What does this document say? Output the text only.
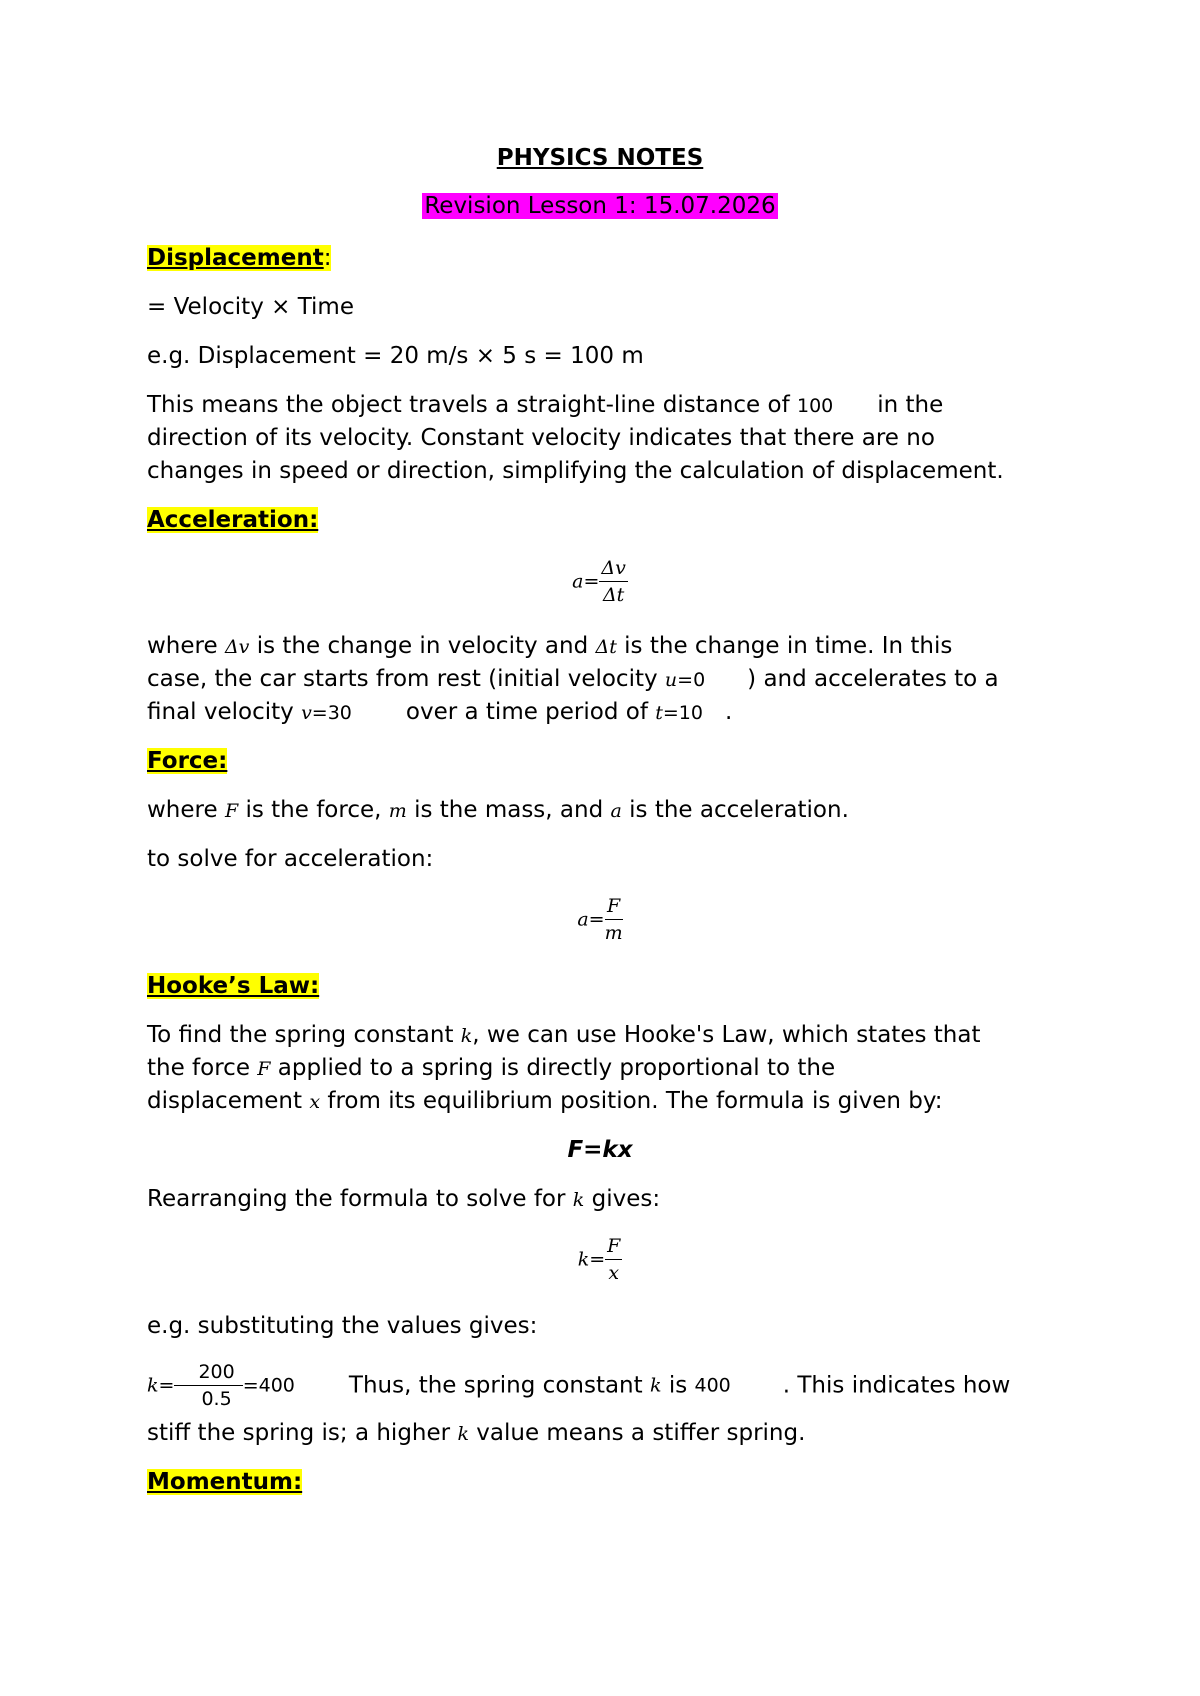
PHYSICS NOTES
Revision Lesson 1: 15.07.2026
Displacement:
= Velocity × Time
e.g. Displacement = 20 m/s × 5 s = 100 m
This means the object travels a straight-line distance of 100 in the
direction of its velocity. Constant velocity indicates that there are no
changes in speed or direction, simplifying the calculation of displacement.
Acceleration:
$a= \frac{\Delta v}{\Delta t}$
where Δv is the change in velocity and Δt is the change in time. In this
case, the car starts from rest (initial velocity u=0 ) and accelerates to a
final velocity v=30 over a time period of t=10 .
Force:
where F is the force, m is the mass, and a is the acceleration.
to solve for acceleration:
$a= \frac{F}{m}$
Hooke’s Law:
To find the spring constant k, we can use Hooke's Law, which states that
the force F applied to a spring is directly proportional to the
displacement x from its equilibrium position. The formula is given by:
F=kx
Rearranging the formula to solve for k gives:
$k= \frac{F}{x}$
e.g. substituting the values gives:
$k= \frac{200}{0.5} =400$ Thus, the spring constant k is 400 . This indicates how
stiff the spring is; a higher k value means a stiffer spring.
Momentum:
